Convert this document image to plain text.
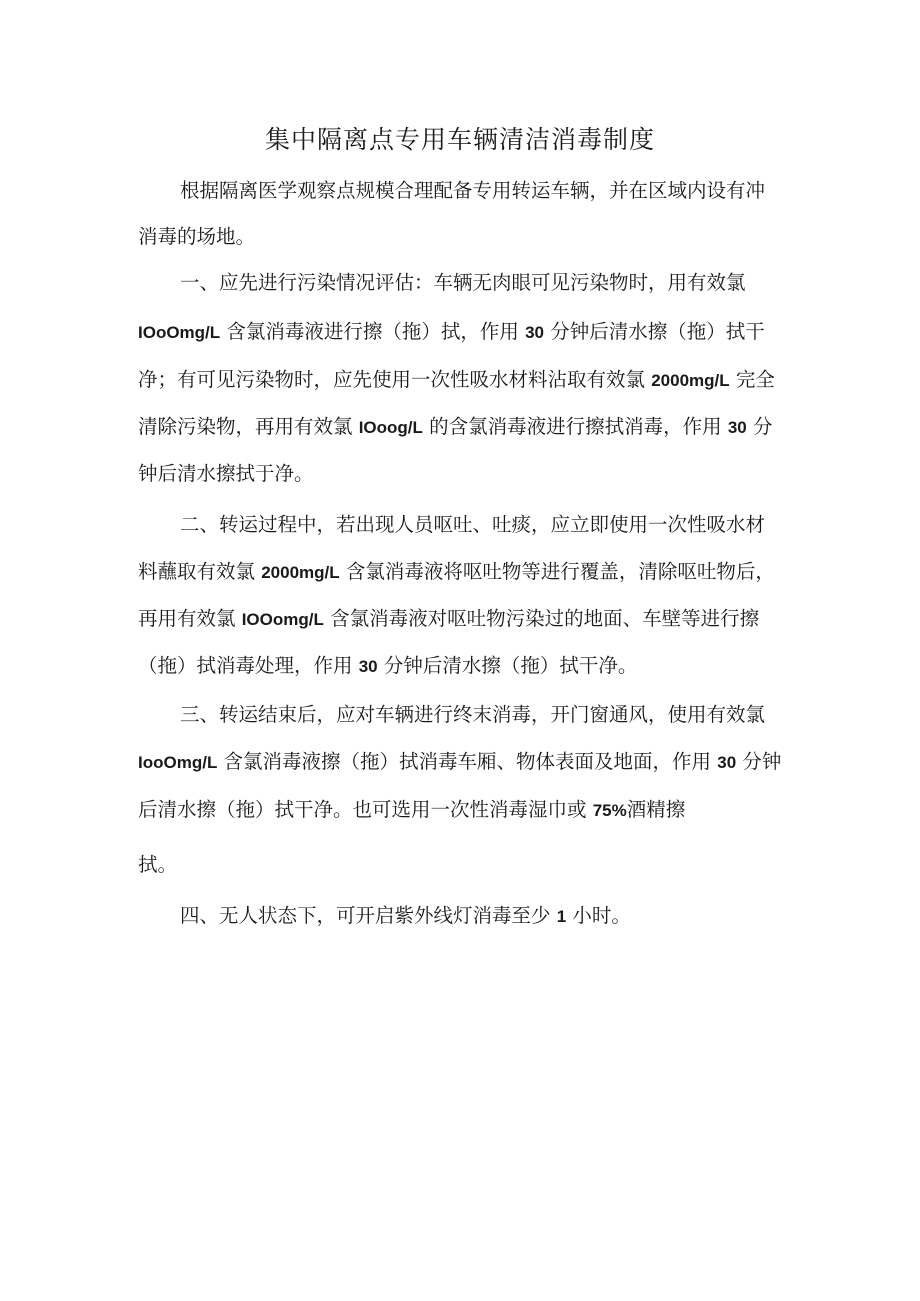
集中隔离点专用车辆清洁消毒制度
根据隔离医学观察点规模合理配备专用转运车辆，并在区域内设有冲
消毒的场地。
一、应先进行污染情况评估：车辆无肉眼可见污染物时，用有效氯
IOoOmg/L 含氯消毒液进行擦（拖）拭，作用 30 分钟后清水擦（拖）拭干
净；有可见污染物时，应先使用一次性吸水材料沾取有效氯 2000mg/L 完全
清除污染物，再用有效氯 IOoog/L 的含氯消毒液进行擦拭消毒，作用 30 分
钟后清水擦拭于净。
二、转运过程中，若出现人员呕吐、吐痰，应立即使用一次性吸水材
料蘸取有效氯 2000mg/L 含氯消毒液将呕吐物等进行覆盖，清除呕吐物后，
再用有效氯 IOOomg/L 含氯消毒液对呕吐物污染过的地面、车壁等进行擦
（拖）拭消毒处理，作用 30 分钟后清水擦（拖）拭干净。
三、转运结束后，应对车辆进行终末消毒，开门窗通风，使用有效氯
IooOmg/L 含氯消毒液擦（拖）拭消毒车厢、物体表面及地面，作用 30 分钟
后清水擦（拖）拭干净。也可选用一次性消毒湿巾或 75%酒精擦
拭。
四、无人状态下，可开启紫外线灯消毒至少 1 小时。
